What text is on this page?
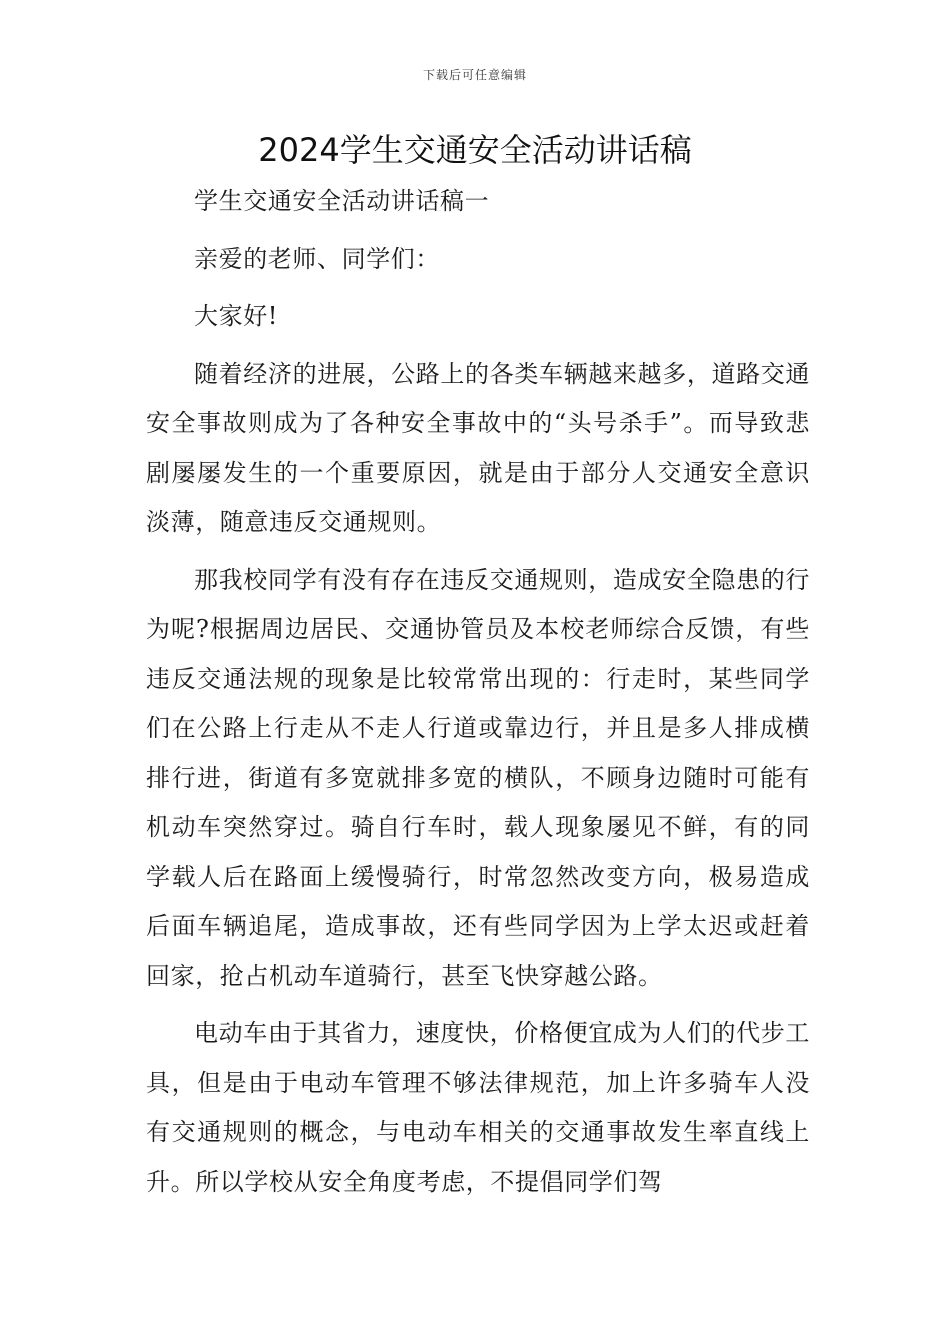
下载后可任意编辑
2024学生交通安全活动讲话稿

学生交通安全活动讲话稿一

亲爱的老师、同学们：

大家好!

随着经济的进展，公路上的各类车辆越来越多，道路交通安全事故则成为了各种安全事故中的“头号杀手”。而导致悲剧屡屡发生的一个重要原因，就是由于部分人交通安全意识淡薄，随意违反交通规则。

那我校同学有没有存在违反交通规则，造成安全隐患的行为呢?根据周边居民、交通协管员及本校老师综合反馈，有些违反交通法规的现象是比较常常出现的：行走时，某些同学们在公路上行走从不走人行道或靠边行，并且是多人排成横排行进，街道有多宽就排多宽的横队，不顾身边随时可能有机动车突然穿过。骑自行车时，载人现象屡见不鲜，有的同学载人后在路面上缓慢骑行，时常忽然改变方向，极易造成后面车辆追尾，造成事故，还有些同学因为上学太迟或赶着回家，抢占机动车道骑行，甚至飞快穿越公路。

电动车由于其省力，速度快，价格便宜成为人们的代步工具，但是由于电动车管理不够法律规范，加上许多骑车人没有交通规则的概念，与电动车相关的交通事故发生率直线上升。所以学校从安全角度考虑，不提倡同学们驾
